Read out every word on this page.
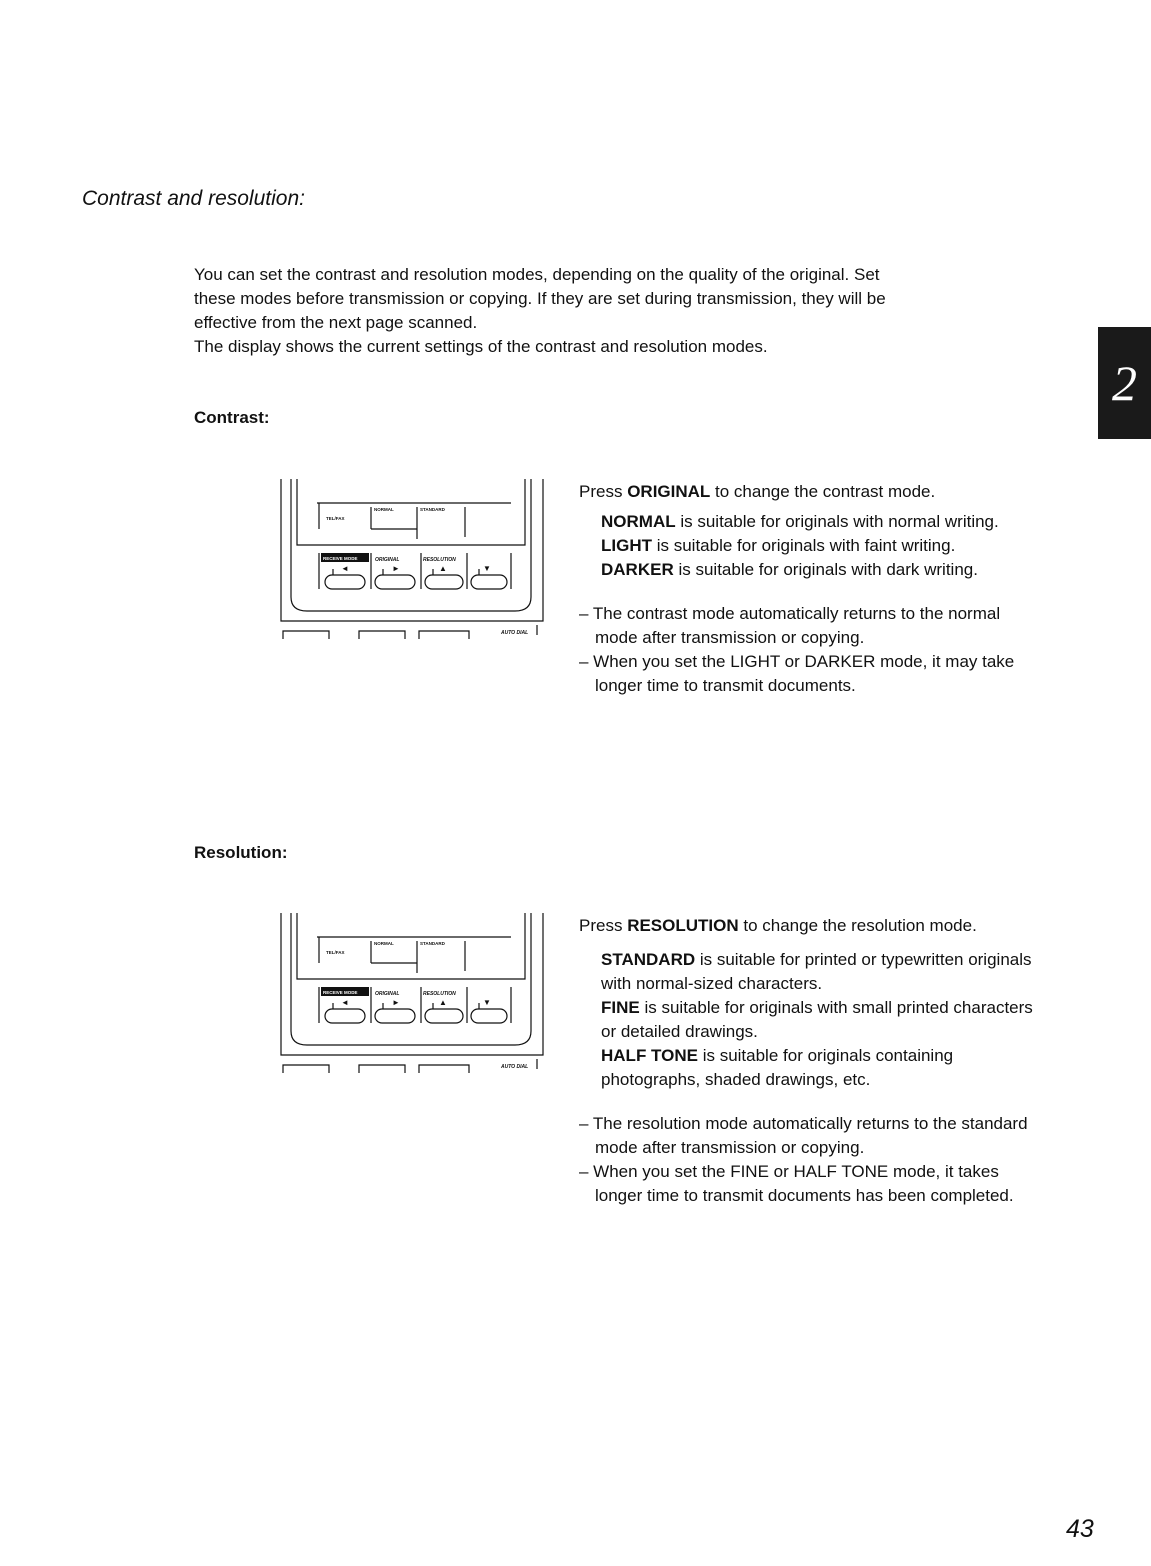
Contrast and resolution:

You can set the contrast and resolution modes, depending on the quality of the original. Set

these modes before transmission or copying. If they are set during transmission, they will be

effective from the next page scanned.

The display shows the current settings of the contrast and resolution modes.

2
Contrast:
RECEIVE MODE
TEL/FAX
NORMAL	STANDARD
ORIGINAL	RESOLUTION
◄	►	▲	▼
AUTO DIAL

Press ORIGINAL to change the contrast mode.

NORMAL is suitable for originals with normal writing.

LIGHT is suitable for originals with faint writing.

DARKER is suitable for originals with dark writing.

– The contrast mode automatically returns to the normal mode after transmission or copying.

– When you set the LIGHT or DARKER mode, it may take longer time to transmit documents.

Resolution:
RECEIVE MODE
TEL/FAX
NORMAL	STANDARD
ORIGINAL	RESOLUTION
◄	►	▲	▼
AUTO DIAL

Press RESOLUTION to change the resolution mode.

STANDARD is suitable for printed or typewritten originals with normal-sized characters.

FINE is suitable for originals with small printed characters or detailed drawings.

HALF TONE is suitable for originals containing photographs, shaded drawings, etc.

– The resolution mode automatically returns to the standard mode after transmission or copying.

– When you set the FINE or HALF TONE mode, it takes longer time to transmit documents has been completed.

43
